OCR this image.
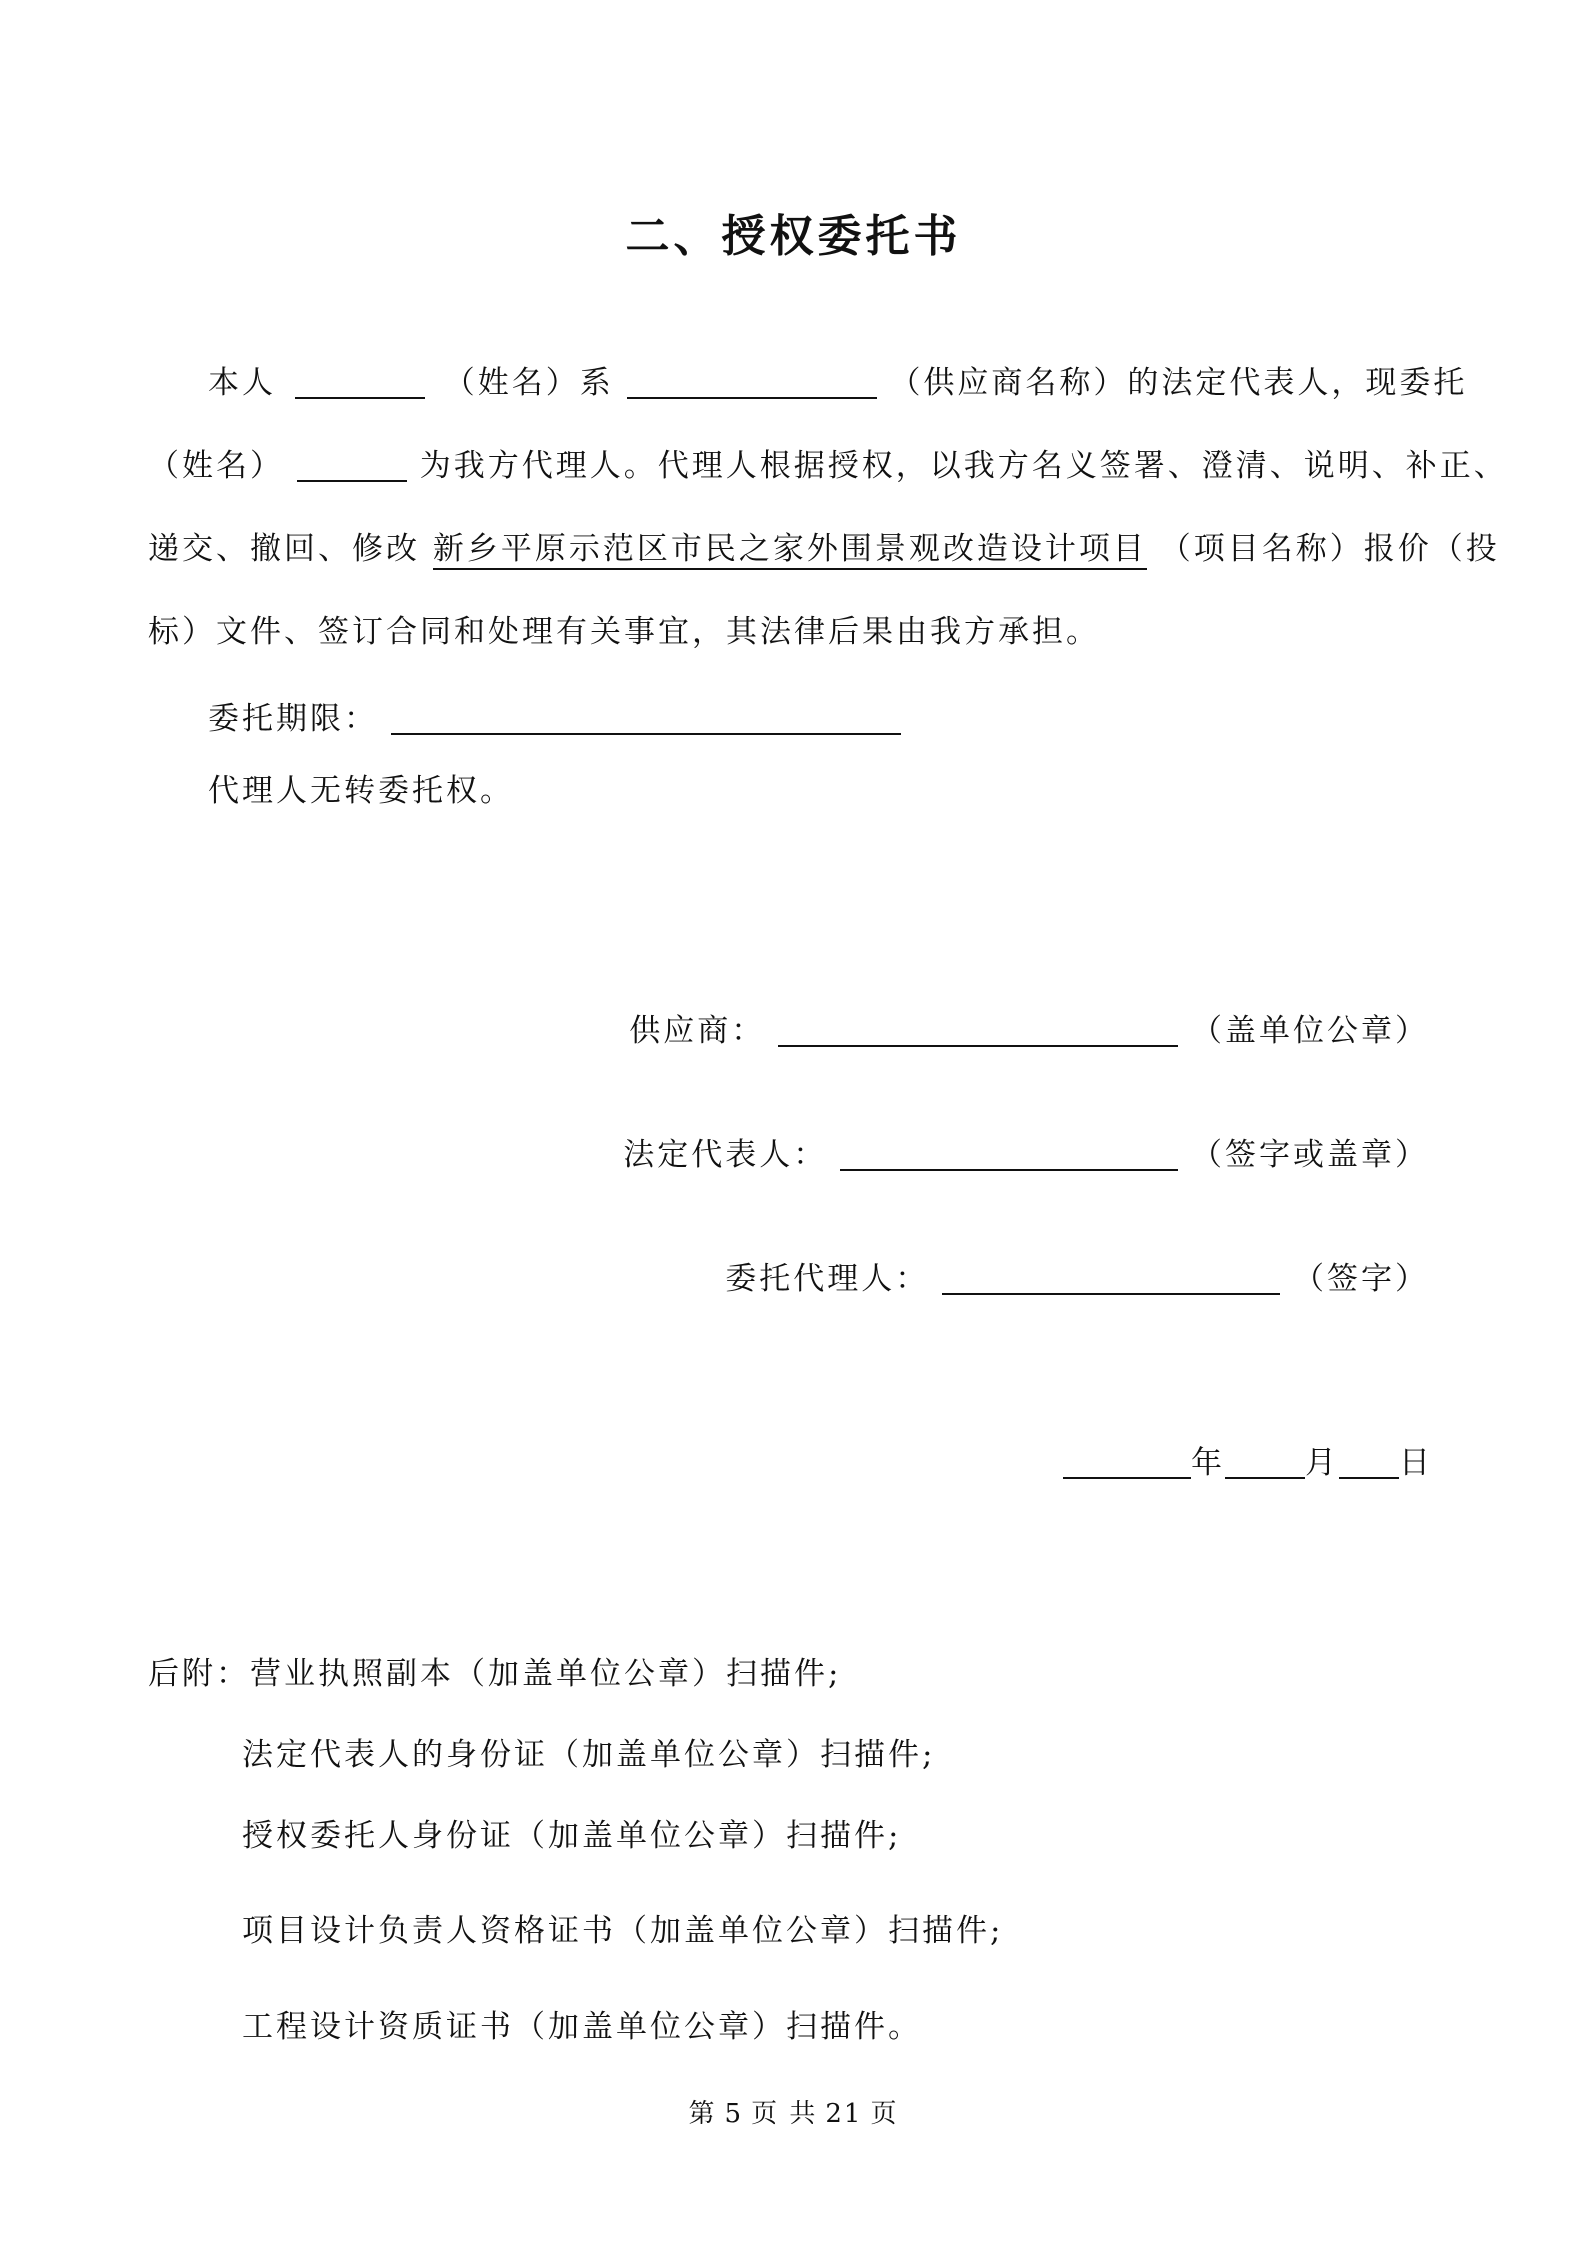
二、授权委托书
本人	（姓名）系	（供应商名称）的法定代表人，现委托
（姓名）	为我方代理人。代理人根据授权，以我方名义签署、澄清、说明、补正、
递交、撤回、修改 新乡平原示范区市民之家外围景观改造设计项目 （项目名称）报价（投
标）文件、签订合同和处理有关事宜，其法律后果由我方承担。
委托期限：
代理人无转委托权。
供应商：	（盖单位公章）
法定代表人：	（签字或盖章）
委托代理人：	（签字）
年	月 日
后附：营业执照副本（加盖单位公章）扫描件;
法定代表人的身份证（加盖单位公章）扫描件;
授权委托人身份证（加盖单位公章）扫描件;
项目设计负责人资格证书（加盖单位公章）扫描件;
工程设计资质证书（加盖单位公章）扫描件。
第 5 页 共 21 页
